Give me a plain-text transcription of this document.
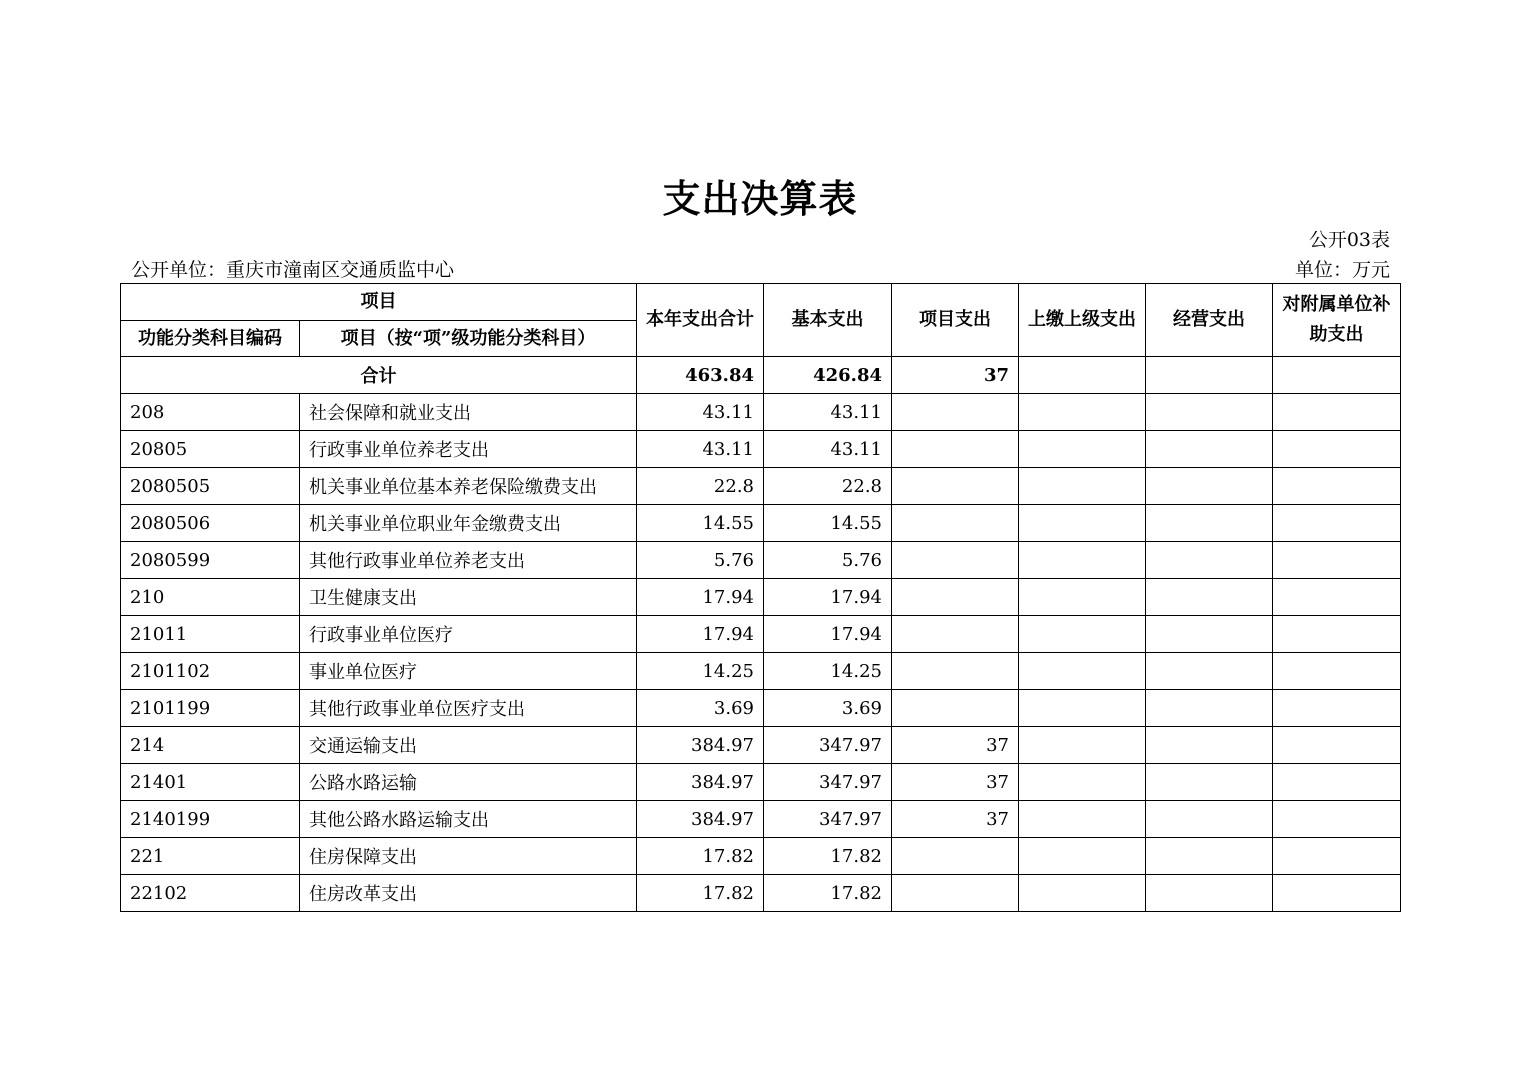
支出决算表
公开03表
公开单位：重庆市潼南区交通质监中心	单位：万元
项目		本年支出合计	基本支出	项目支出	上缴上级支出	经营支出	对附属单位补助支出
功能分类科目编码	项目（按“项”级功能分类科目）						
合计		463.84	426.84	37			
208	社会保障和就业支出	43.11	43.11				
20805	行政事业单位养老支出	43.11	43.11				
2080505	机关事业单位基本养老保险缴费支出	22.8	22.8				
2080506	机关事业单位职业年金缴费支出	14.55	14.55				
2080599	其他行政事业单位养老支出	5.76	5.76				
210	卫生健康支出	17.94	17.94				
21011	行政事业单位医疗	17.94	17.94				
2101102	事业单位医疗	14.25	14.25				
2101199	其他行政事业单位医疗支出	3.69	3.69				
214	交通运输支出	384.97	347.97	37			
21401	公路水路运输	384.97	347.97	37			
2140199	其他公路水路运输支出	384.97	347.97	37			
221	住房保障支出	17.82	17.82				
22102	住房改革支出	17.82	17.82				
